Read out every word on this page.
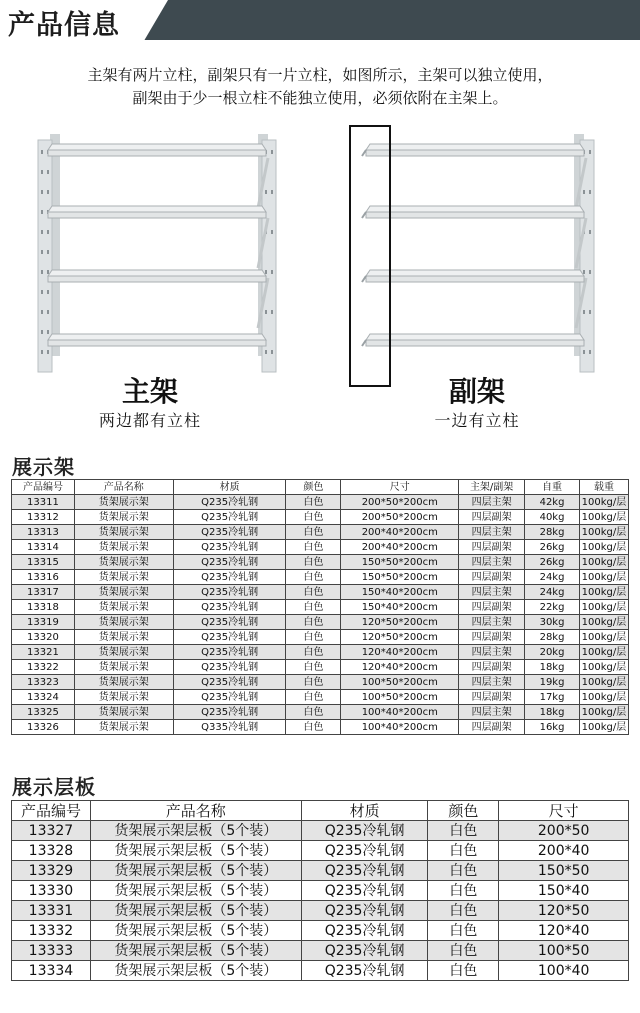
产品信息
主架有两片立柱，副架只有一片立柱，如图所示，主架可以独立使用，
副架由于少一根立柱不能独立使用，必须依附在主架上。
主架
两边都有立柱
副架
一边有立柱
展示架
产品编号	产品名称	材质	颜色	尺寸	主架/副架	自重	载重
13311	货架展示架	Q235冷轧钢	白色	200*50*200cm	四层主架	42kg	100kg/层
13312	货架展示架	Q235冷轧钢	白色	200*50*200cm	四层副架	40kg	100kg/层
13313	货架展示架	Q235冷轧钢	白色	200*40*200cm	四层主架	28kg	100kg/层
13314	货架展示架	Q235冷轧钢	白色	200*40*200cm	四层副架	26kg	100kg/层
13315	货架展示架	Q235冷轧钢	白色	150*50*200cm	四层主架	26kg	100kg/层
13316	货架展示架	Q235冷轧钢	白色	150*50*200cm	四层副架	24kg	100kg/层
13317	货架展示架	Q235冷轧钢	白色	150*40*200cm	四层主架	24kg	100kg/层
13318	货架展示架	Q235冷轧钢	白色	150*40*200cm	四层副架	22kg	100kg/层
13319	货架展示架	Q235冷轧钢	白色	120*50*200cm	四层主架	30kg	100kg/层
13320	货架展示架	Q235冷轧钢	白色	120*50*200cm	四层副架	28kg	100kg/层
13321	货架展示架	Q235冷轧钢	白色	120*40*200cm	四层主架	20kg	100kg/层
13322	货架展示架	Q235冷轧钢	白色	120*40*200cm	四层副架	18kg	100kg/层
13323	货架展示架	Q235冷轧钢	白色	100*50*200cm	四层主架	19kg	100kg/层
13324	货架展示架	Q235冷轧钢	白色	100*50*200cm	四层副架	17kg	100kg/层
13325	货架展示架	Q235冷轧钢	白色	100*40*200cm	四层主架	18kg	100kg/层
13326	货架展示架	Q335冷轧钢	白色	100*40*200cm	四层副架	16kg	100kg/层
展示层板
产品编号	产品名称	材质	颜色	尺寸
13327	货架展示架层板（5个装）	Q235冷轧钢	白色	200*50
13328	货架展示架层板（5个装）	Q235冷轧钢	白色	200*40
13329	货架展示架层板（5个装）	Q235冷轧钢	白色	150*50
13330	货架展示架层板（5个装）	Q235冷轧钢	白色	150*40
13331	货架展示架层板（5个装）	Q235冷轧钢	白色	120*50
13332	货架展示架层板（5个装）	Q235冷轧钢	白色	120*40
13333	货架展示架层板（5个装）	Q235冷轧钢	白色	100*50
13334	货架展示架层板（5个装）	Q235冷轧钢	白色	100*40
